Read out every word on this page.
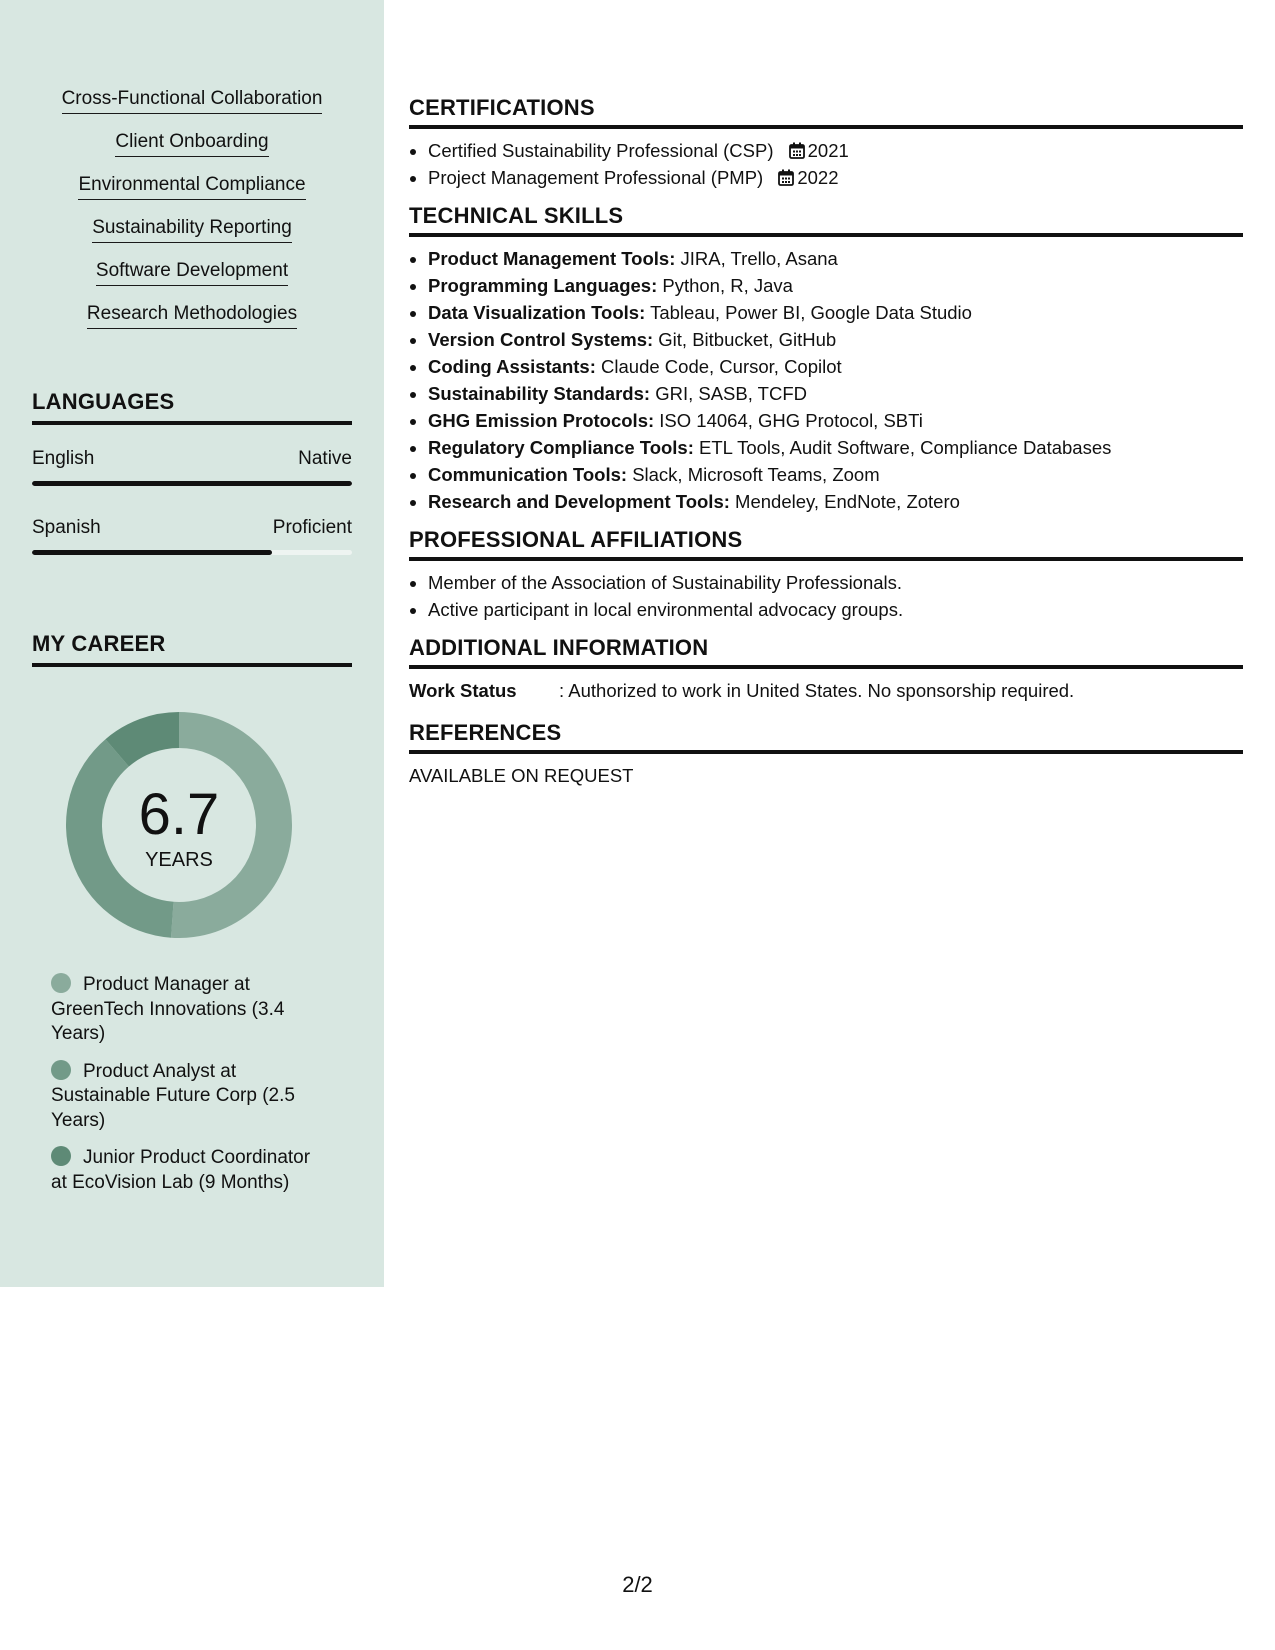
Cross-Functional Collaboration
Client Onboarding
Environmental Compliance
Sustainability Reporting
Software Development
Research Methodologies
LANGUAGES
English	Native
Spanish	Proficient
MY CAREER
6.7
YEARS
Product Manager at GreenTech Innovations (3.4 Years)
Product Analyst at Sustainable Future Corp (2.5 Years)
Junior Product Coordinator at EcoVision Lab (9 Months)
CERTIFICATIONS
• Certified Sustainability Professional (CSP) 2021
• Project Management Professional (PMP) 2022
TECHNICAL SKILLS
• Product Management Tools: JIRA, Trello, Asana
• Programming Languages: Python, R, Java
• Data Visualization Tools: Tableau, Power BI, Google Data Studio
• Version Control Systems: Git, Bitbucket, GitHub
• Coding Assistants: Claude Code, Cursor, Copilot
• Sustainability Standards: GRI, SASB, TCFD
• GHG Emission Protocols: ISO 14064, GHG Protocol, SBTi
• Regulatory Compliance Tools: ETL Tools, Audit Software, Compliance Databases
• Communication Tools: Slack, Microsoft Teams, Zoom
• Research and Development Tools: Mendeley, EndNote, Zotero
PROFESSIONAL AFFILIATIONS
• Member of the Association of Sustainability Professionals.
• Active participant in local environmental advocacy groups.
ADDITIONAL INFORMATION
Work Status : Authorized to work in United States. No sponsorship required.
REFERENCES
AVAILABLE ON REQUEST
2/2
